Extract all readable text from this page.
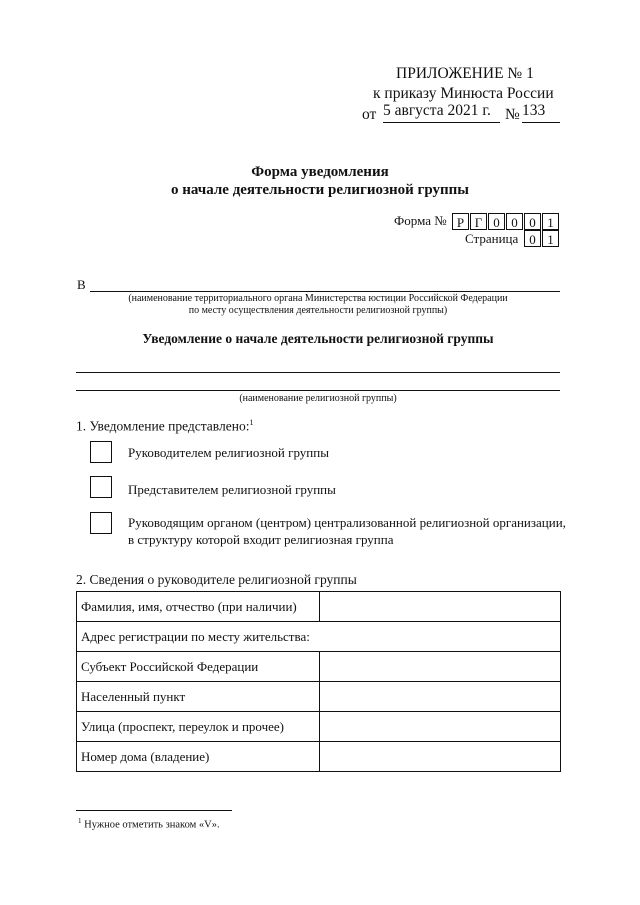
ПРИЛОЖЕНИЕ № 1
к приказу Минюста России
от 5 августа 2021 г. № 133
Форма уведомления
о начале деятельности религиозной группы
Форма № Р Г 0 0 0 1
Страница 0 1
В
(наименование территориального органа Министерства юстиции Российской Федерации
по месту осуществления деятельности религиозной группы)
Уведомление о начале деятельности религиозной группы
(наименование религиозной группы)
1. Уведомление представлено:$^1$
Руководителем религиозной группы
Представителем религиозной группы
Руководящим органом (центром) централизованной религиозной организации,
в структуру которой входит религиозная группа
2. Сведения о руководителе религиозной группы
Фамилия, имя, отчество (при наличии)	
Адрес регистрации по месту жительства:	
Субъект Российской Федерации	
Населенный пункт	
Улица (проспект, переулок и прочее)	
Номер дома (владение)	
$^1$ Нужное отметить знаком «V».
